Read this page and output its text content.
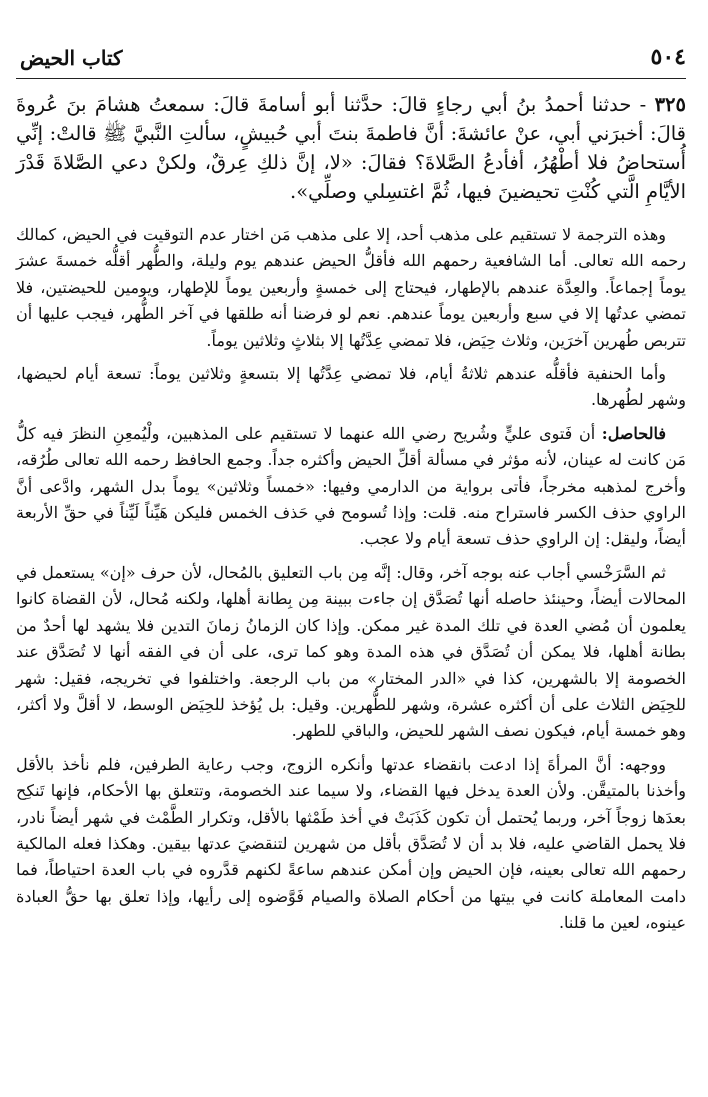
٥٠٤
كتاب الحيض
٣٢٥ - حدثنا أحمدُ بنُ أبي رجاءٍ قالَ: حدَّثنا أبو أسامةَ قالَ: سمعتُ هشامَ بنَ عُروةَ قالَ: أخبرَني أبي، عنْ عائشةَ: أنَّ فاطمةَ بنتَ أبي حُبيشٍ، سألتِ النَّبيَّ ﷺ قالتْ: إنِّي أُستحاضُ فلا أطْهُرُ، أفأدعُ الصَّلاةَ؟ فقالَ: «لا، إنَّ ذلكِ عِرقٌ، ولكنْ دعي الصَّلاةَ قَدْرَ الأيَّامِ الَّتي كُنْتِ تحيضينَ فيها، ثُمَّ اغتسِلي وصلِّي».

وهذه الترجمة لا تستقيم على مذهب أحد، إلا على مذهب مَن اختار عدم التوقيت في الحيض، كمالك رحمه الله تعالى. أما الشافعية رحمهم الله فأقلُّ الحيض عندهم يوم وليلة، والطُّهر أقلُّه خمسةَ عشرَ يوماً إجماعاً. والعِدَّة عندهم بالإطهار، فيحتاج إلى خمسةٍ وأربعين يوماً للإطهار، ويومين للحيضتين، فلا تمضي عدتُها إلا في سبع وأربعين يوماً عندهم. نعم لو فرضنا أنه طلقها في آخر الطُّهر، فيجب عليها أن تتربص طُهرين آخرَين، وثلاث حِيَض، فلا تمضي عِدَّتُها إلا بثلاثٍ وثلاثين يوماً.

وأما الحنفية فأقلُّه عندهم ثلاثةُ أيام، فلا تمضي عِدَّتُها إلا بتسعةٍ وثلاثين يوماً: تسعة أيام لحيضها، وشهر لطُهرها.

فالحاصل: أن فَتوى عليٍّ وشُريح رضي الله عنهما لا تستقيم على المذهبين، ولْيُمعِنِ النظرَ فيه كلُّ مَن كانت له عينان، لأنه مؤثر في مسألة أقلِّ الحيض وأكثره جداً. وجمع الحافظ رحمه الله تعالى طُرُقه، وأخرج لمذهبه مخرجاً، فأتى برواية من الدارمي وفيها: «خمساً وثلاثين» يوماً بدل الشهر، وادَّعى أنَّ الراوي حذف الكسر فاستراح منه. قلت: وإذا تُسومح في حَذف الخمس فليكن هَيِّناً لَيِّناً في حقِّ الأربعة أيضاً، وليقل: إن الراوي حذف تسعة أيام ولا عجب.

ثم السَّرَخْسي أجاب عنه بوجه آخر، وقال: إنَّه مِن باب التعليق بالمُحال، لأن حرف «إن» يستعمل في المحالات أيضاً، وحينئذ حاصله أنها تُصَدَّق إن جاءت ببينة مِن بِطانة أهلها، ولكنه مُحال، لأن القضاة كانوا يعلمون أن مُضي العدة في تلك المدة غير ممكن. وإذا كان الزمانُ زمانَ التدين فلا يشهد لها أحدٌ من بطانة أهلها، فلا يمكن أن تُصَدَّق في هذه المدة وهو كما ترى، على أن في الفقه أنها لا تُصَدَّق عند الخصومة إلا بالشهرين، كذا في «الدر المختار» من باب الرجعة. واختلفوا في تخريجه، فقيل: شهر للحِيَض الثلاث على أن أكثره عشرة، وشهر للطُّهرين. وقيل: بل يُؤخذ للحِيَض الوسط، لا أقلَّ ولا أكثر، وهو خمسة أيام، فيكون نصف الشهر للحيض، والباقي للطهر.

ووجهه: أنَّ المرأةَ إذا ادعت بانقضاء عدتها وأنكره الزوج، وجب رعاية الطرفين، فلم نأخذ بالأقل وأخذنا بالمتيقَّن. ولأن العدة يدخل فيها القضاء، ولا سيما عند الخصومة، وتتعلق بها الأحكام، فإنها تَنكِح بعدَها زوجاً آخر، وربما يُحتمل أن تكون كَذَبَتْ في أخذ طَمْثها بالأقل، وتكرار الطَّمْث في شهر أيضاً نادر، فلا يحمل القاضي عليه، فلا بد أن لا تُصَدَّق بأقل من شهرين لتنقضيَ عدتها بيقين. وهكذا فعله المالكية رحمهم الله تعالى بعينه، فإن الحيض وإن أمكن عندهم ساعةً لكنهم قدَّروه في باب العدة احتياطاً، فما دامت المعاملة كانت في بيتها من أحكام الصلاة والصيام فَوَّضوه إلى رأيها، وإذا تعلق بها حقُّ العبادة عينوه، لعين ما قلنا.
